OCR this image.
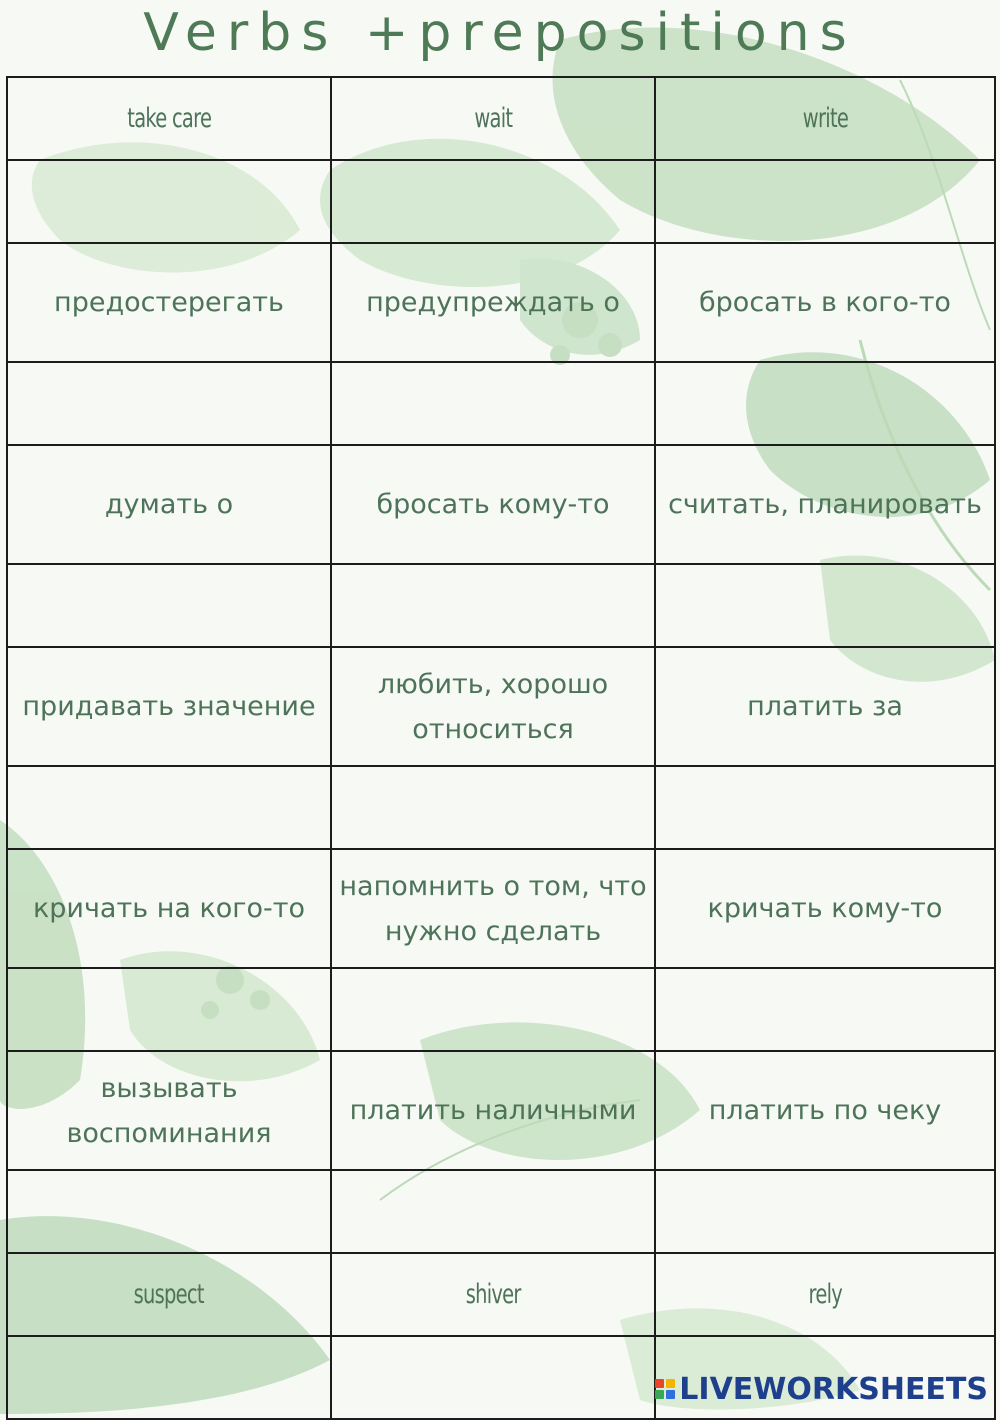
Verbs +prepositions
take care	wait	write

предостерегать	предупреждать о	бросать в кого-то

думать о	бросать кому-то	считать, планировать

придавать значение	любить, хорошо относиться	платить за

кричать на кого-то	напомнить о том, что нужно сделать	кричать кому-то

вызывать воспоминания	платить наличными	платить по чеку

suspect	shiver	rely

LIVEWORKSHEETS
